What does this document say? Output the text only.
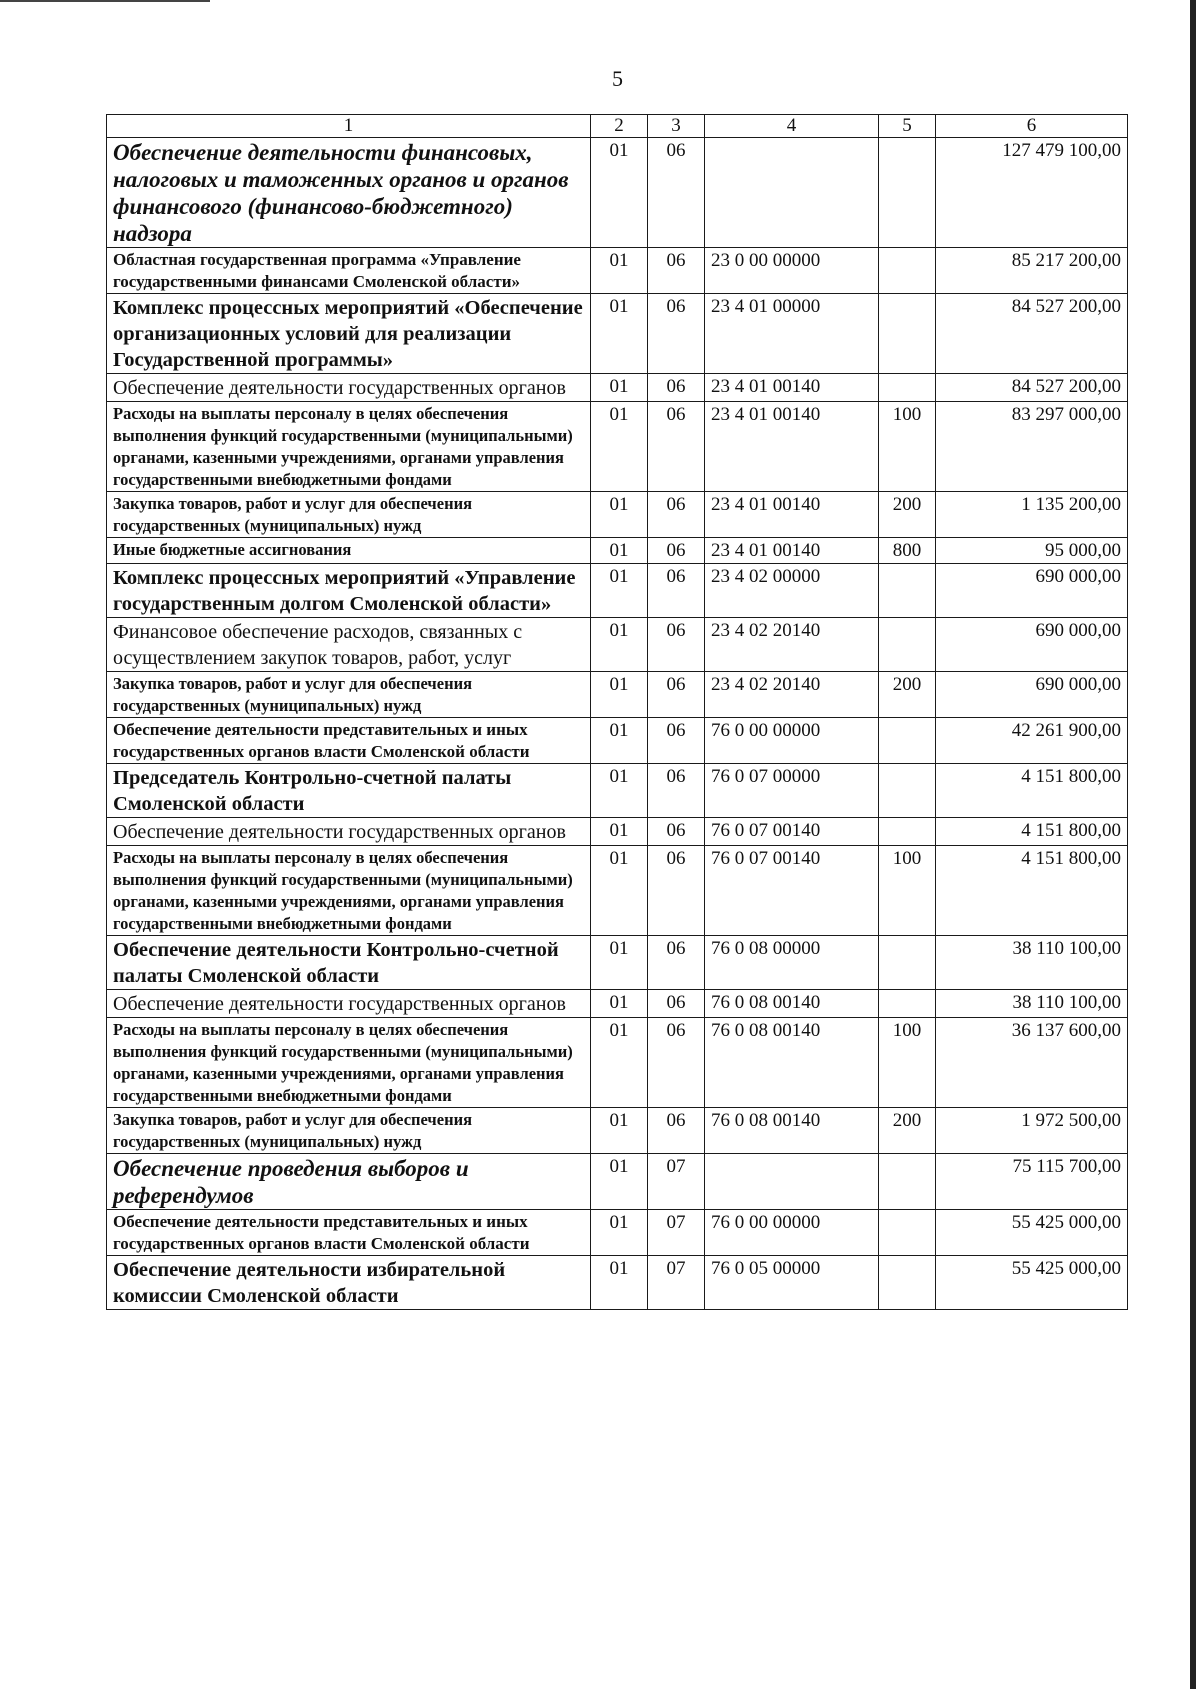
5
1	2	3	4	5	6
Обеспечение деятельности финансовых, налоговых и таможенных органов и органов финансового (финансово-бюджетного) надзора	01	06			127 479 100,00
Областная государственная программа «Управление государственными финансами Смоленской области»	01	06	23 0 00 00000		85 217 200,00
Комплекс процессных мероприятий «Обеспечение организационных условий для реализации Государственной программы»	01	06	23 4 01 00000		84 527 200,00
Обеспечение деятельности государственных органов	01	06	23 4 01 00140		84 527 200,00
Расходы на выплаты персоналу в целях обеспечения выполнения функций государственными (муниципальными) органами, казенными учреждениями, органами управления государственными внебюджетными фондами	01	06	23 4 01 00140	100	83 297 000,00
Закупка товаров, работ и услуг для обеспечения государственных (муниципальных) нужд	01	06	23 4 01 00140	200	1 135 200,00
Иные бюджетные ассигнования	01	06	23 4 01 00140	800	95 000,00
Комплекс процессных мероприятий «Управление государственным долгом Смоленской области»	01	06	23 4 02 00000		690 000,00
Финансовое обеспечение расходов, связанных с осуществлением закупок товаров, работ, услуг	01	06	23 4 02 20140		690 000,00
Закупка товаров, работ и услуг для обеспечения государственных (муниципальных) нужд	01	06	23 4 02 20140	200	690 000,00
Обеспечение деятельности представительных и иных государственных органов власти Смоленской области	01	06	76 0 00 00000		42 261 900,00
Председатель Контрольно-счетной палаты Смоленской области	01	06	76 0 07 00000		4 151 800,00
Обеспечение деятельности государственных органов	01	06	76 0 07 00140		4 151 800,00
Расходы на выплаты персоналу в целях обеспечения выполнения функций государственными (муниципальными) органами, казенными учреждениями, органами управления государственными внебюджетными фондами	01	06	76 0 07 00140	100	4 151 800,00
Обеспечение деятельности Контрольно-счетной палаты Смоленской области	01	06	76 0 08 00000		38 110 100,00
Обеспечение деятельности государственных органов	01	06	76 0 08 00140		38 110 100,00
Расходы на выплаты персоналу в целях обеспечения выполнения функций государственными (муниципальными) органами, казенными учреждениями, органами управления государственными внебюджетными фондами	01	06	76 0 08 00140	100	36 137 600,00
Закупка товаров, работ и услуг для обеспечения государственных (муниципальных) нужд	01	06	76 0 08 00140	200	1 972 500,00
Обеспечение проведения выборов и референдумов	01	07			75 115 700,00
Обеспечение деятельности представительных и иных государственных органов власти Смоленской области	01	07	76 0 00 00000		55 425 000,00
Обеспечение деятельности избирательной комиссии Смоленской области	01	07	76 0 05 00000		55 425 000,00
